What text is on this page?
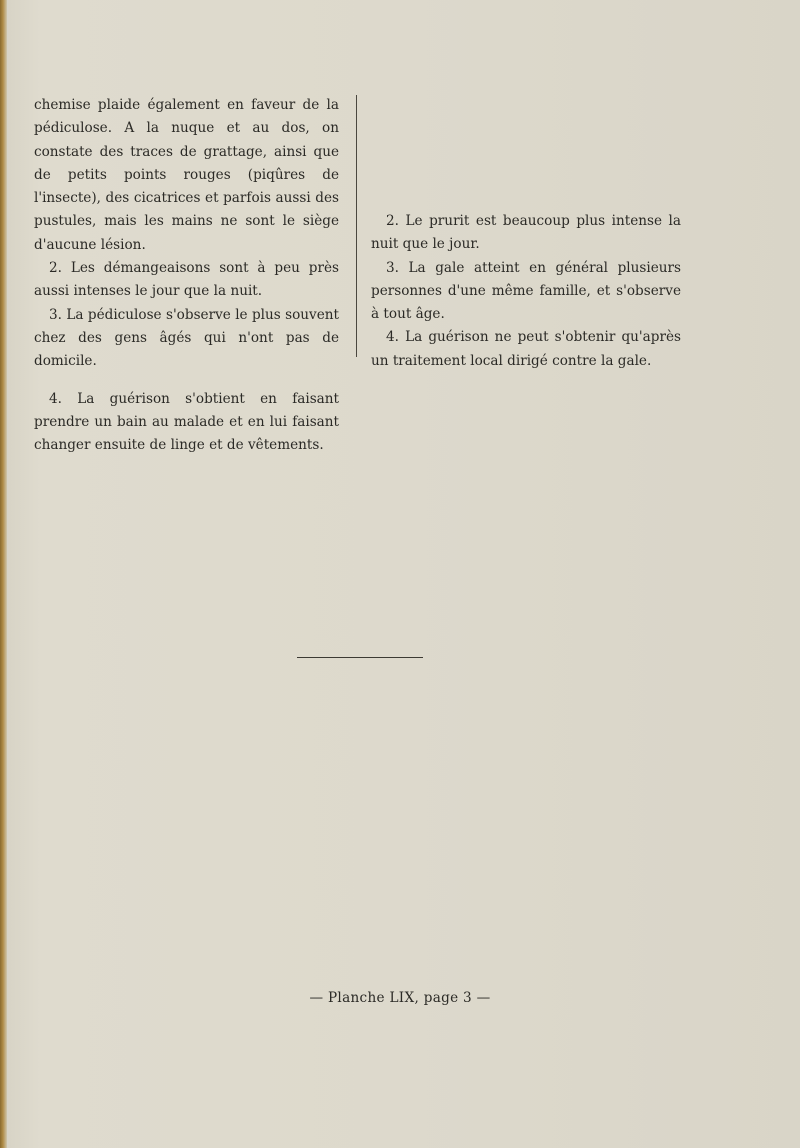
chemise plaide également en faveur de la pédiculose. A la nuque et au dos, on constate des traces de grattage, ainsi que de petits points rouges (piqûres de l'insecte), des cicatrices et parfois aussi des pustules, mais les mains ne sont le siège d'aucune lésion.

2. Les démangeaisons sont à peu près aussi intenses le jour que la nuit.

3. La pédiculose s'observe le plus souvent chez des gens âgés qui n'ont pas de domicile.

4. La guérison s'obtient en faisant prendre un bain au malade et en lui faisant changer ensuite de linge et de vêtements.

2. Le prurit est beaucoup plus intense la nuit que le jour.

3. La gale atteint en général plusieurs personnes d'une même famille, et s'observe à tout âge.

4. La guérison ne peut s'obtenir qu'après un traitement local dirigé contre la gale.

— Planche LIX, page 3 —
